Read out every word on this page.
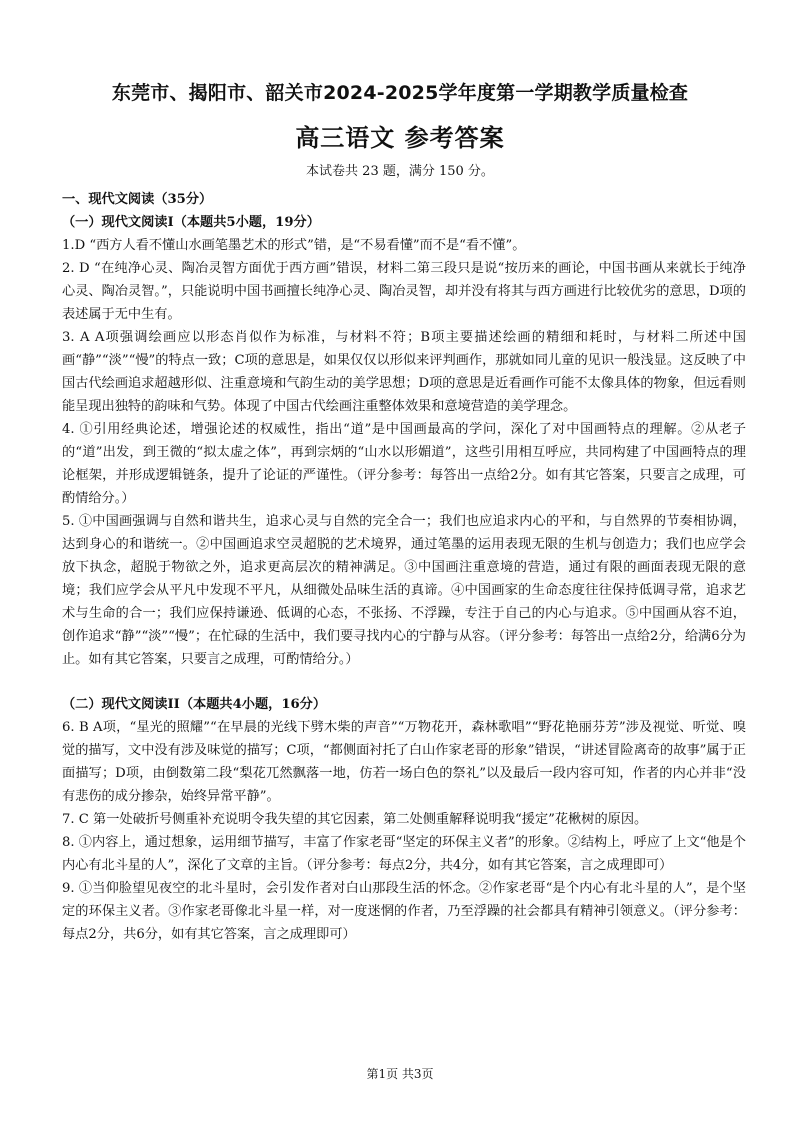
东莞市、揭阳市、韶关市2024-2025学年度第一学期教学质量检查
高三语文 参考答案
本试卷共 23 题，满分 150 分。

一、现代文阅读（35分）

（一）现代文阅读Ⅰ（本题共5小题，19分）

1.D “西方人看不懂山水画笔墨艺术的形式”错，是“不易看懂”而不是“看不懂”。

2. D “在纯净心灵、陶冶灵智方面优于西方画”错误，材料二第三段只是说“按历来的画论，中国书画从来就长于纯净心灵、陶冶灵智。”，只能说明中国书画擅长纯净心灵、陶冶灵智，却并没有将其与西方画进行比较优劣的意思，D项的表述属于无中生有。

3. A A项强调绘画应以形态肖似作为标准，与材料不符；B项主要描述绘画的精细和耗时，与材料二所述中国画“静”“淡”“慢”的特点一致；C项的意思是，如果仅仅以形似来评判画作，那就如同儿童的见识一般浅显。这反映了中国古代绘画追求超越形似、注重意境和气韵生动的美学思想；D项的意思是近看画作可能不太像具体的物象，但远看则能呈现出独特的韵味和气势。体现了中国古代绘画注重整体效果和意境营造的美学理念。

4. ①引用经典论述，增强论述的权威性，指出“道”是中国画最高的学问，深化了对中国画特点的理解。②从老子的“道”出发，到王微的“拟太虚之体”，再到宗炳的“山水以形媚道”，这些引用相互呼应，共同构建了中国画特点的理论框架，并形成逻辑链条，提升了论证的严谨性。（评分参考：每答出一点给2分。如有其它答案，只要言之成理，可酌情给分。）

5. ①中国画强调与自然和谐共生，追求心灵与自然的完全合一；我们也应追求内心的平和，与自然界的节奏相协调，达到身心的和谐统一。②中国画追求空灵超脱的艺术境界，通过笔墨的运用表现无限的生机与创造力；我们也应学会放下执念，超脱于物欲之外，追求更高层次的精神满足。③中国画注重意境的营造，通过有限的画面表现无限的意境；我们应学会从平凡中发现不平凡，从细微处品味生活的真谛。④中国画家的生命态度往往保持低调寻常，追求艺术与生命的合一；我们应保持谦逊、低调的心态，不张扬、不浮躁，专注于自己的内心与追求。⑤中国画从容不迫，创作追求“静”“淡”“慢”；在忙碌的生活中，我们要寻找内心的宁静与从容。（评分参考：每答出一点给2分，给满6分为止。如有其它答案，只要言之成理，可酌情给分。）

（二）现代文阅读II（本题共4小题，16分）

6. B A项，“星光的照耀”“在早晨的光线下劈木柴的声音”“万物花开，森林歌唱”“野花艳丽芬芳”涉及视觉、听觉、嗅觉的描写，文中没有涉及味觉的描写；C项，“都侧面衬托了白山作家老哥的形象”错误，“讲述冒险离奇的故事”属于正面描写；D项，由倒数第二段“梨花兀然飘落一地，仿若一场白色的祭礼”以及最后一段内容可知，作者的内心并非“没有悲伤的成分掺杂，始终异常平静”。

7. C 第一处破折号侧重补充说明令我失望的其它因素，第二处侧重解释说明我“援定”花楸树的原因。

8. ①内容上，通过想象，运用细节描写，丰富了作家老哥“坚定的环保主义者”的形象。②结构上，呼应了上文“他是个内心有北斗星的人”，深化了文章的主旨。（评分参考：每点2分，共4分，如有其它答案，言之成理即可）

9. ①当仰脸望见夜空的北斗星时，会引发作者对白山那段生活的怀念。②作家老哥“是个内心有北斗星的人”，是个坚定的环保主义者。③作家老哥像北斗星一样，对一度迷惘的作者，乃至浮躁的社会都具有精神引领意义。（评分参考：每点2分，共6分，如有其它答案，言之成理即可）

第1页 共3页
